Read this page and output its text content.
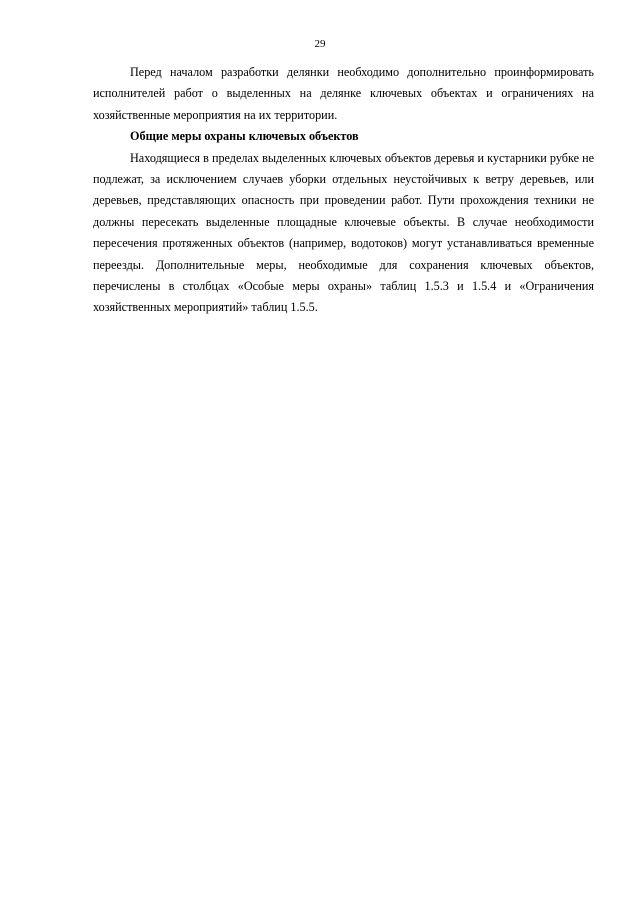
29

Перед началом разработки делянки необходимо дополнительно проинформировать исполнителей работ о выделенных на делянке ключевых объектах и ограничениях на хозяйственные мероприятия на их территории.

Общие меры охраны ключевых объектов

Находящиеся в пределах выделенных ключевых объектов деревья и кустарники рубке не подлежат, за исключением случаев уборки отдельных неустойчивых к ветру деревьев, или деревьев, представляющих опасность при проведении работ. Пути прохождения техники не должны пересекать выделенные площадные ключевые объекты. В случае необходимости пересечения протяженных объектов (например, водотоков) могут устанавливаться временные переезды. Дополнительные меры, необходимые для сохранения ключевых объектов, перечислены в столбцах «Особые меры охраны» таблиц 1.5.3 и 1.5.4 и «Ограничения хозяйственных мероприятий» таблиц 1.5.5.
